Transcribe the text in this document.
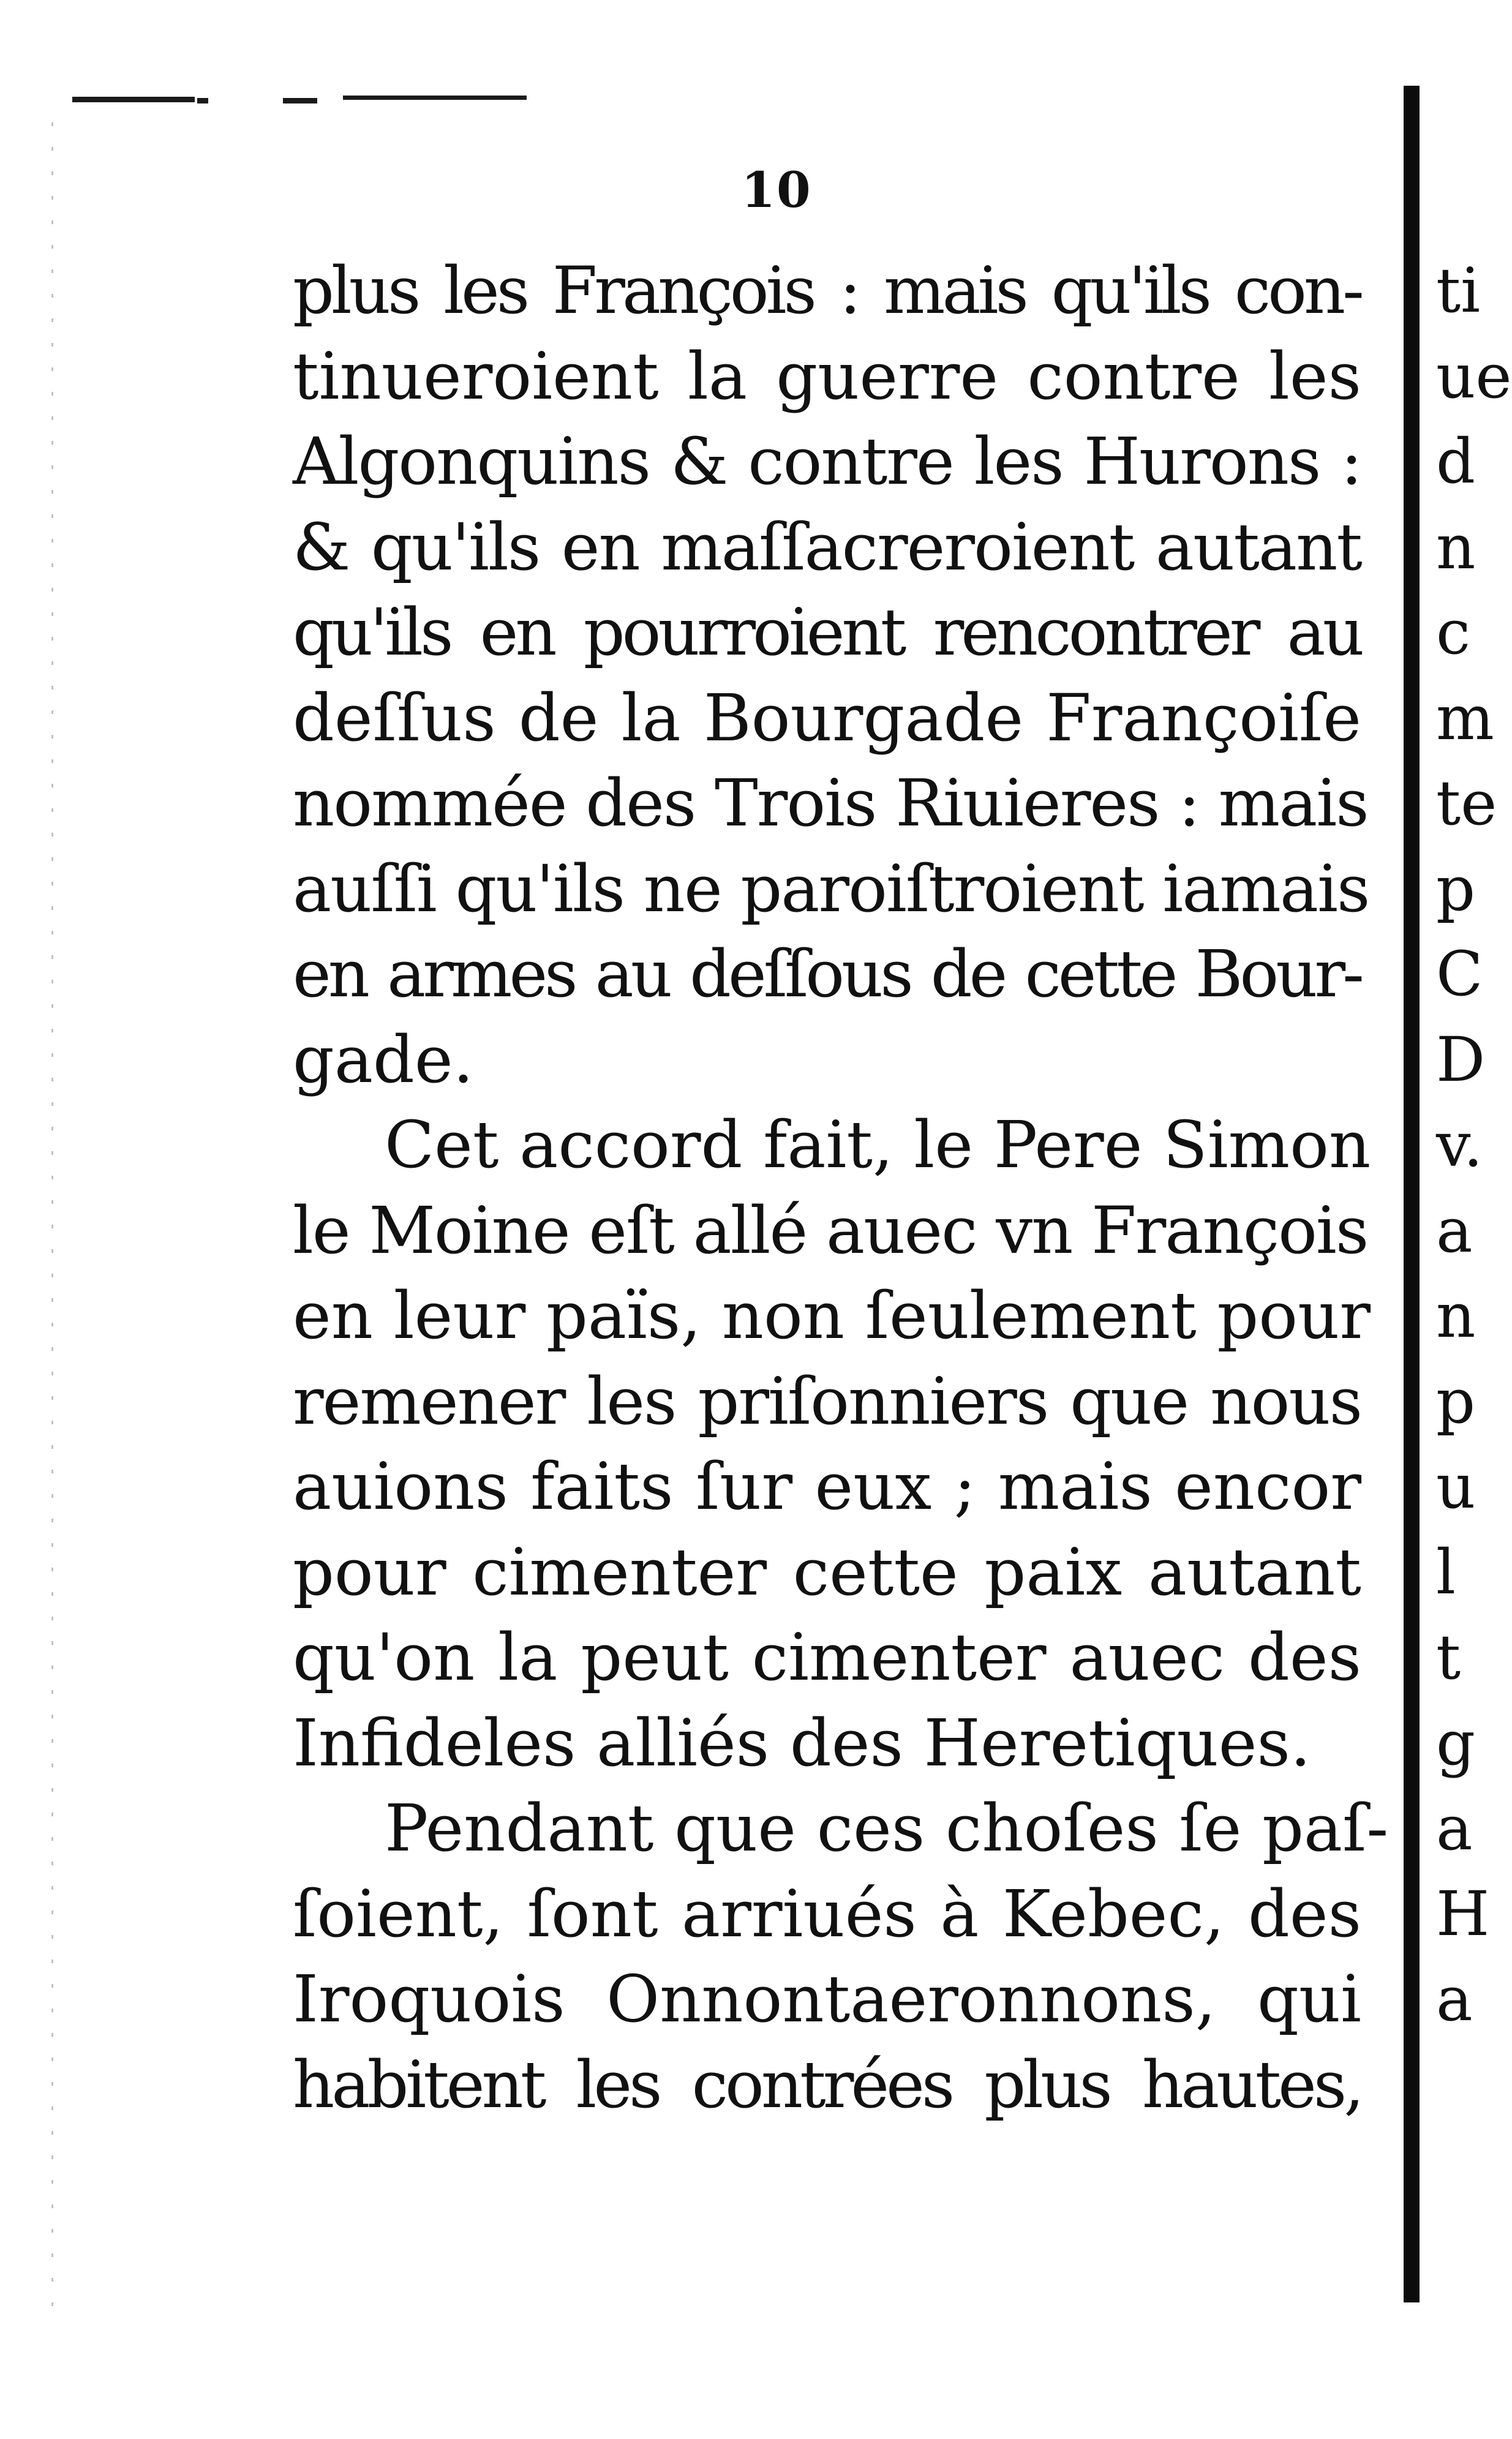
10
plus les François : mais qu'ils con-
tinueroient la guerre contre les
Algonquins & contre les Hurons :
& qu'ils en maſſacreroient autant
qu'ils en pourroient rencontrer au
deſſus de la Bourgade Françoiſe
nommée des Trois Riuieres : mais
auſſi qu'ils ne paroiſtroient iamais
en armes au deſſous de cette Bour-
gade.
Cet accord fait, le Pere Simon
le Moine eſt allé auec vn François
en leur païs, non ſeulement pour
remener les priſonniers que nous
auions faits ſur eux ; mais encor
pour cimenter cette paix autant
qu'on la peut cimenter auec des
Infideles alliés des Heretiques.
Pendant que ces choſes ſe paſ-
ſoient, ſont arriués à Kebec, des
Iroquois Onnontaeronnons, qui
habitent les contrées plus hautes,
ti
ue
d
n
c
m
te
p
C
D
v.
a
n
p
u
l
t
g
a
H
a
